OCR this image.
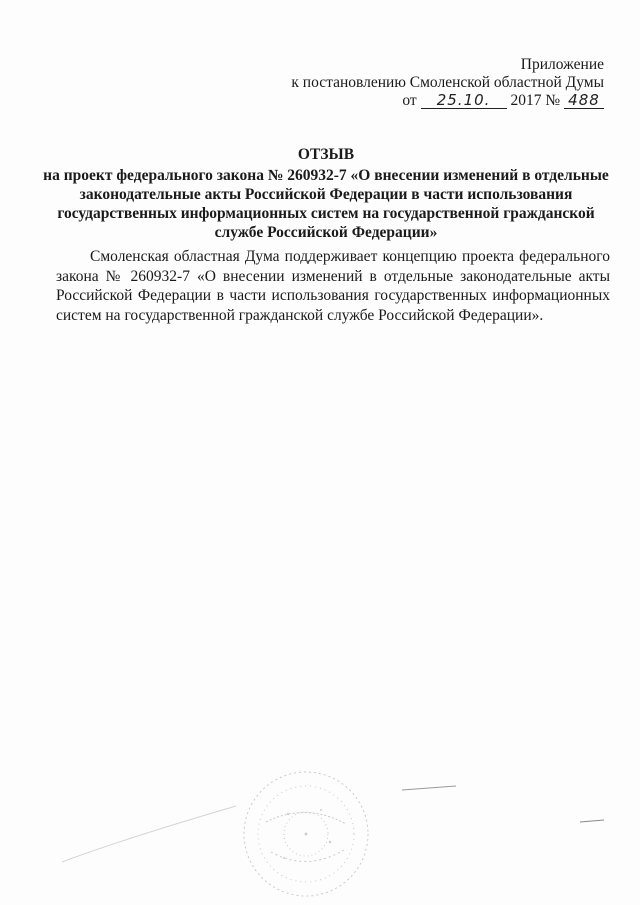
Приложение
к постановлению Смоленской областной Думы
от 25.10. 2017 № 488
ОТЗЫВ
на проект федерального закона № 260932-7 «О внесении изменений в отдельные законодательные акты Российской Федерации в части использования государственных информационных систем на государственной гражданской службе Российской Федерации»
Смоленская областная Дума поддерживает концепцию проекта федерального закона № 260932-7 «О внесении изменений в отдельные законодательные акты Российской Федерации в части использования государственных информационных систем на государственной гражданской службе Российской Федерации».
